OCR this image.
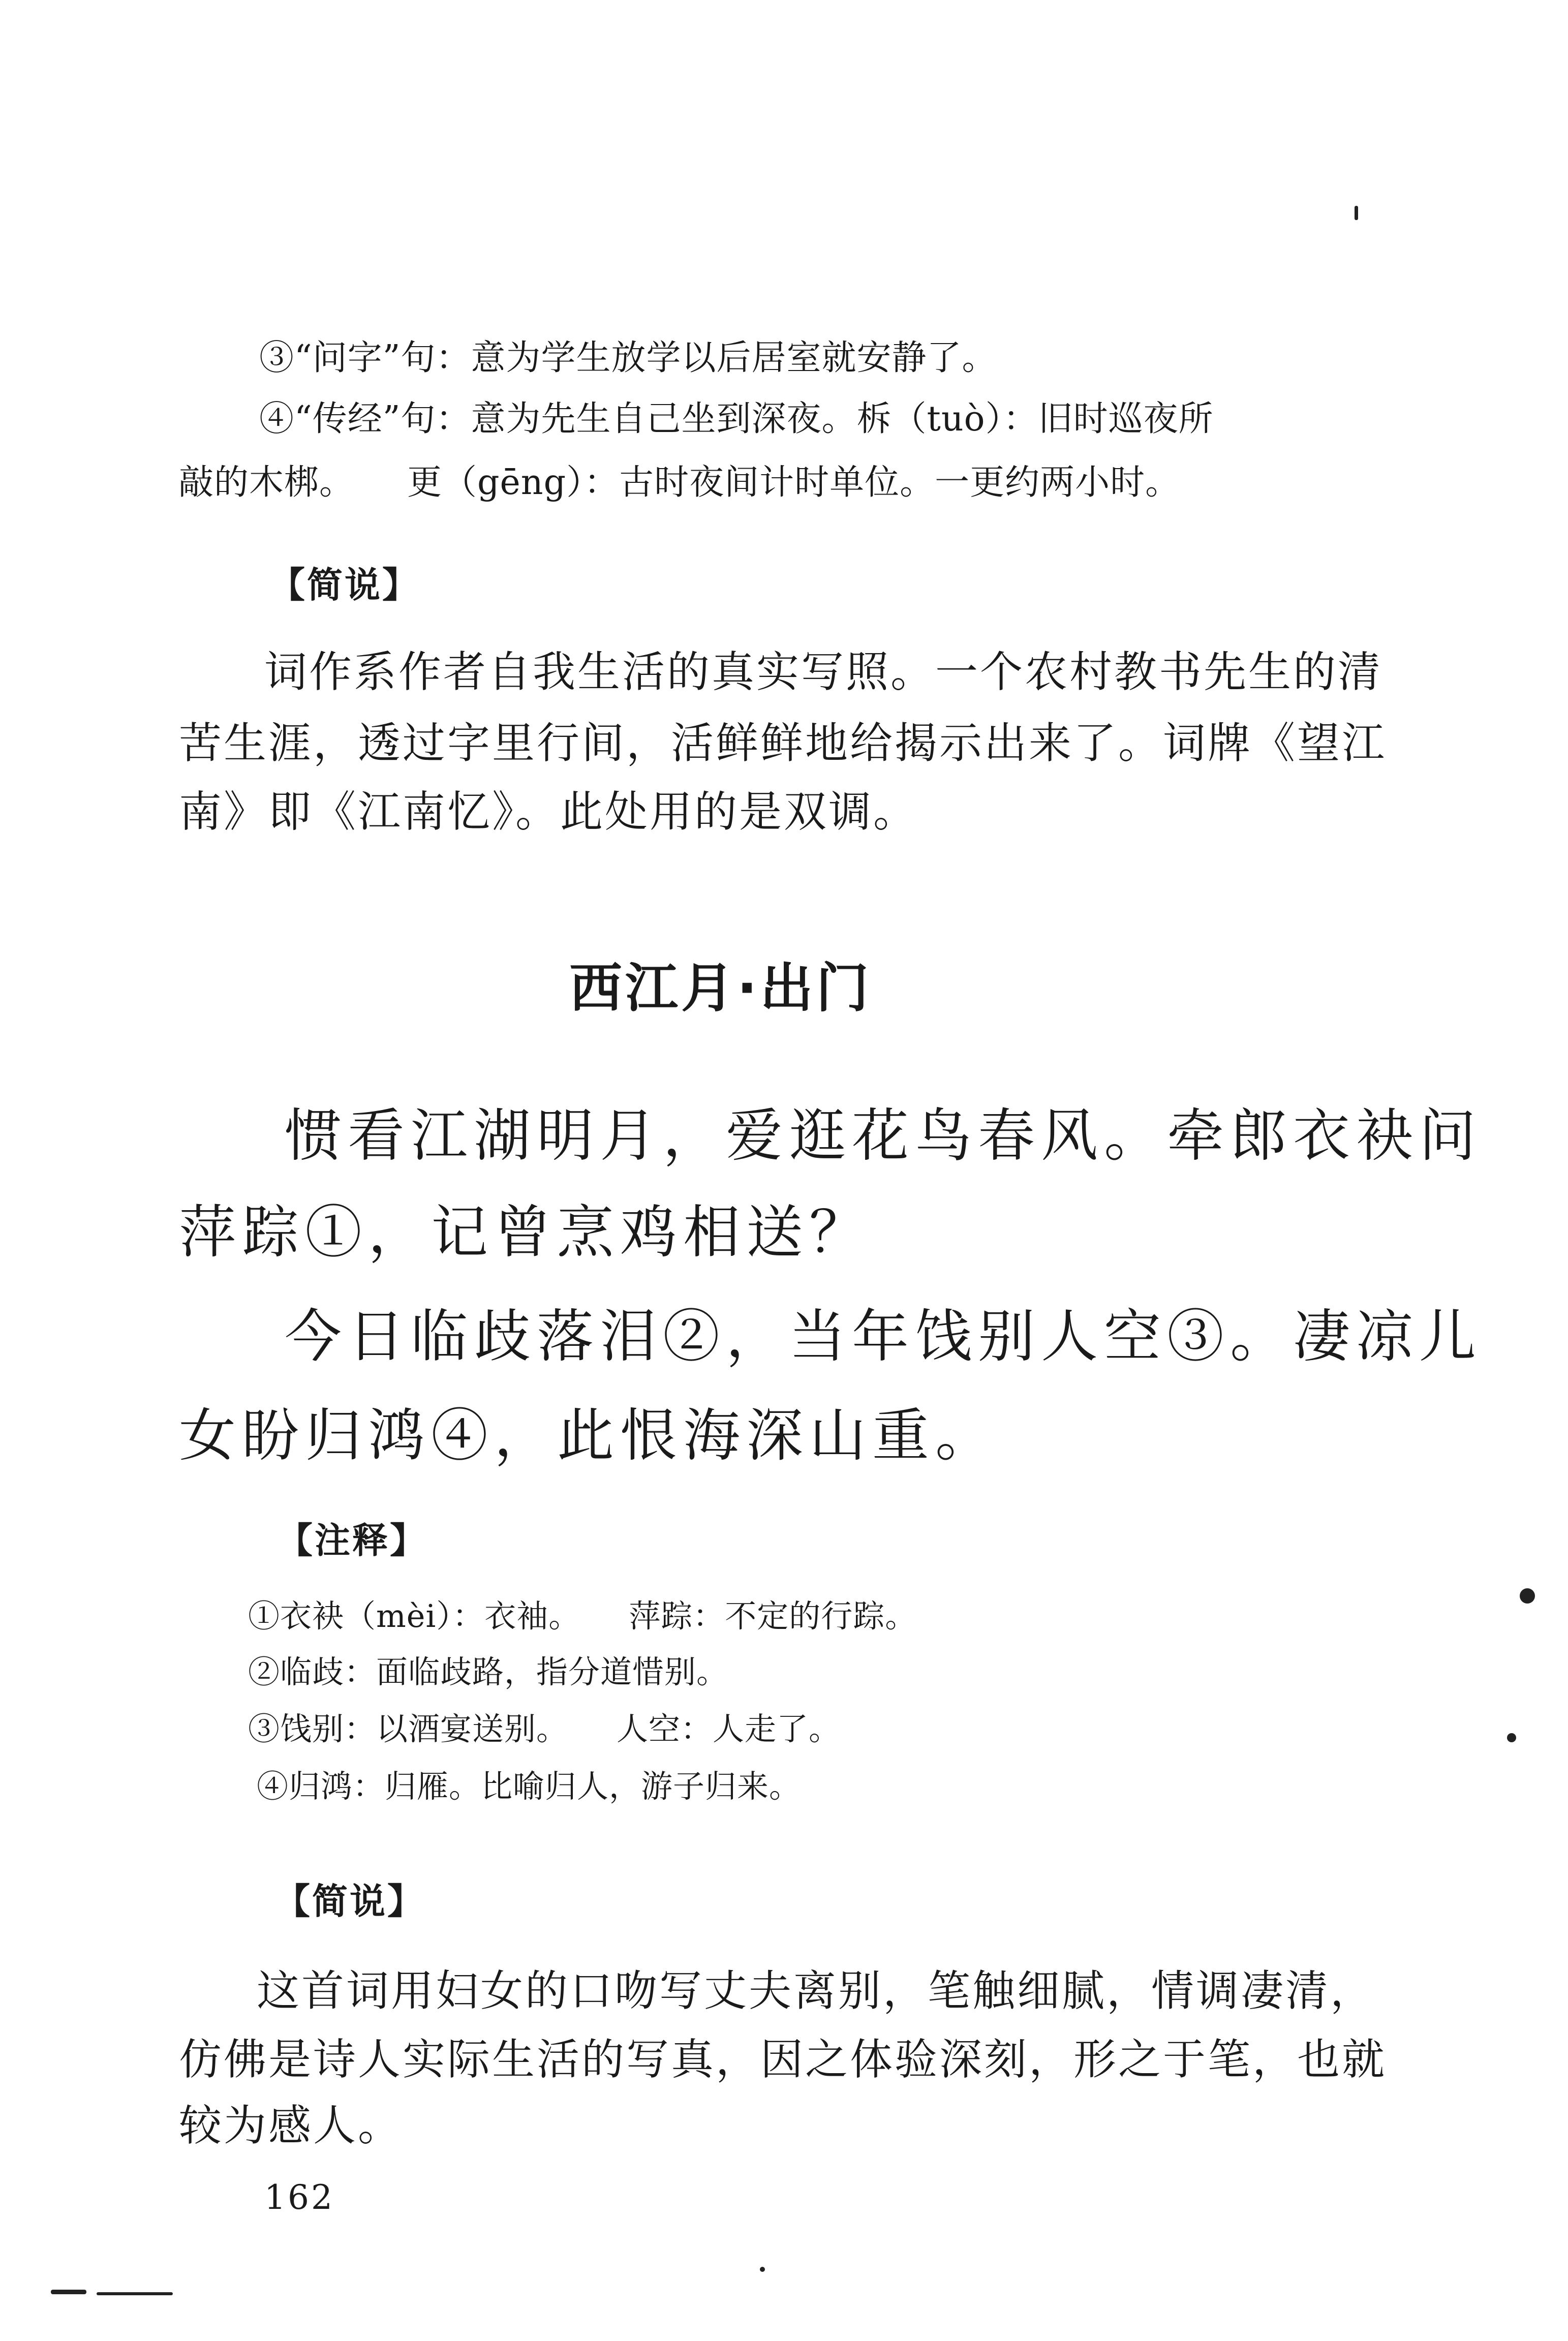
③“问字”句：意为学生放学以后居室就安静了。
④“传经”句：意为先生自己坐到深夜。柝（tuò）：旧时巡夜所
敲的木梆。　　更（gēng）：古时夜间计时单位。一更约两小时。
【简说】
词作系作者自我生活的真实写照。一个农村教书先生的清
苦生涯，透过字里行间，活鲜鲜地给揭示出来了。词牌《望江
南》即《江南忆》。此处用的是双调。
西江月·出门
惯看江湖明月，爱逛花鸟春风。牵郎衣袂问
萍踪①，记曾烹鸡相送？
今日临歧落泪②，当年饯别人空③。凄凉儿
女盼归鸿④，此恨海深山重。
【注释】
①衣袂（mèi）：衣袖。　　萍踪：不定的行踪。
②临歧：面临歧路，指分道惜别。
③饯别：以酒宴送别。　　人空：人走了。
④归鸿：归雁。比喻归人，游子归来。
【简说】
这首词用妇女的口吻写丈夫离别，笔触细腻，情调凄清，
仿佛是诗人实际生活的写真，因之体验深刻，形之于笔，也就
较为感人。
162
